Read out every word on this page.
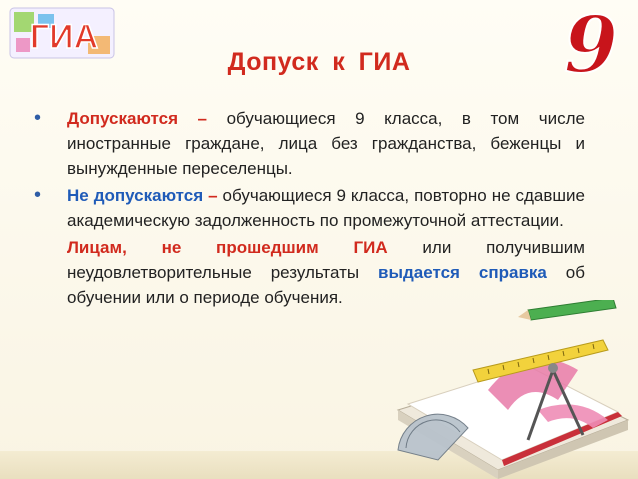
ГИА	9
Допуск к ГИА
• Допускаются – обучающиеся 9 класса, в том числе иностранные граждане, лица без гражданства, беженцы и вынужденные переселенцы.
• Не допускаются – обучающиеся 9 класса, повторно не сдавшие академическую задолженность по промежуточной аттестации.
Лицам, не прошедшим ГИА или получившим неудовлетворительные результаты выдается справка об обучении или о периоде обучения.
